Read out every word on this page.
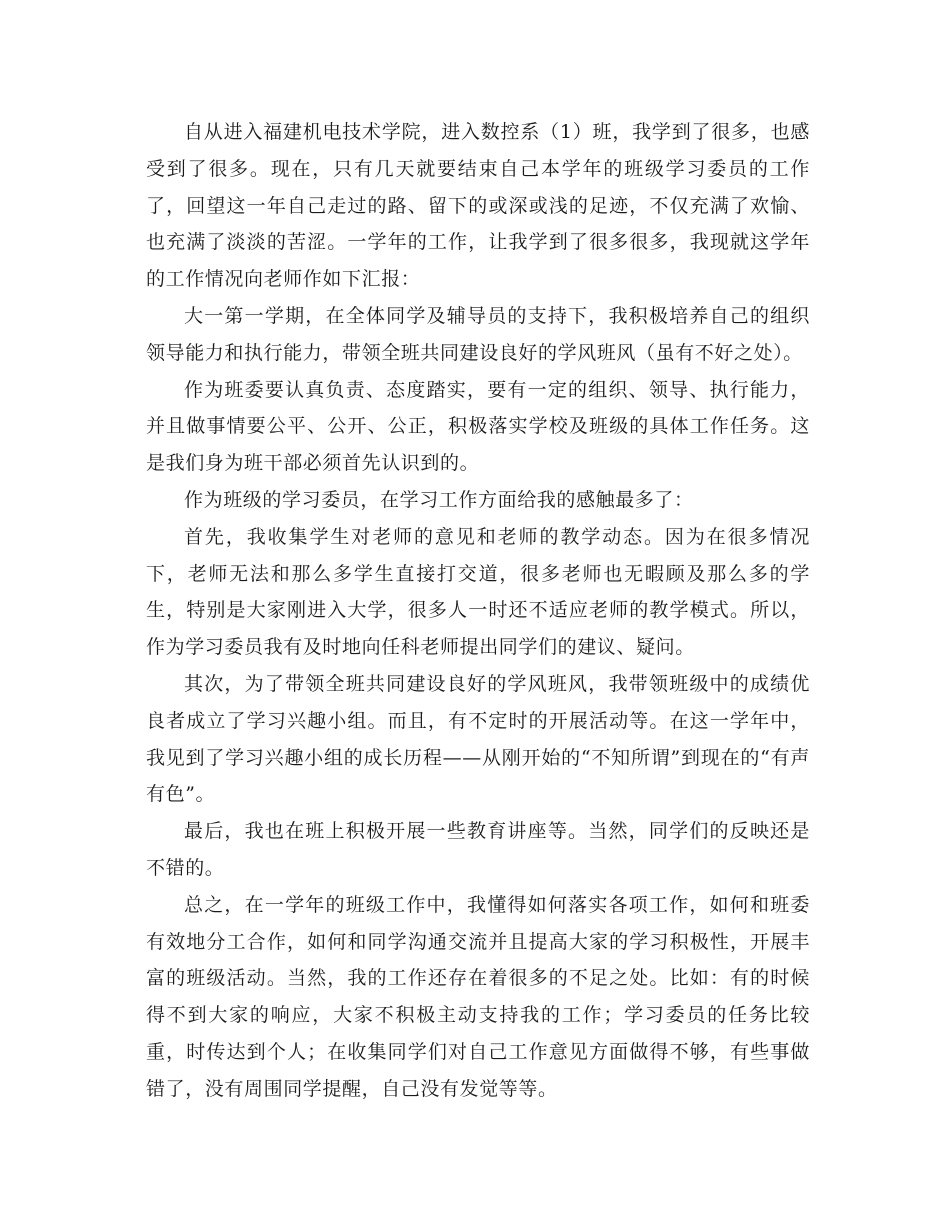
自从进入福建机电技术学院，进入数控系（1）班，我学到了很多，也感受到了很多。现在，只有几天就要结束自己本学年的班级学习委员的工作了，回望这一年自己走过的路、留下的或深或浅的足迹，不仅充满了欢愉、也充满了淡淡的苦涩。一学年的工作，让我学到了很多很多，我现就这学年的工作情况向老师作如下汇报：

大一第一学期，在全体同学及辅导员的支持下，我积极培养自己的组织领导能力和执行能力，带领全班共同建设良好的学风班风（虽有不好之处）。

作为班委要认真负责、态度踏实，要有一定的组织、领导、执行能力，并且做事情要公平、公开、公正，积极落实学校及班级的具体工作任务。这是我们身为班干部必须首先认识到的。

作为班级的学习委员，在学习工作方面给我的感触最多了：

首先，我收集学生对老师的意见和老师的教学动态。因为在很多情况下，老师无法和那么多学生直接打交道，很多老师也无暇顾及那么多的学生，特别是大家刚进入大学，很多人一时还不适应老师的教学模式。所以，作为学习委员我有及时地向任科老师提出同学们的建议、疑问。

其次，为了带领全班共同建设良好的学风班风，我带领班级中的成绩优良者成立了学习兴趣小组。而且，有不定时的开展活动等。在这一学年中，我见到了学习兴趣小组的成长历程——从刚开始的“不知所谓”到现在的“有声有色”。

最后，我也在班上积极开展一些教育讲座等。当然，同学们的反映还是不错的。

总之，在一学年的班级工作中，我懂得如何落实各项工作，如何和班委有效地分工合作，如何和同学沟通交流并且提高大家的学习积极性，开展丰富的班级活动。当然，我的工作还存在着很多的不足之处。比如：有的时候得不到大家的响应，大家不积极主动支持我的工作；学习委员的任务比较重，时传达到个人；在收集同学们对自己工作意见方面做得不够，有些事做错了，没有周围同学提醒，自己没有发觉等等。
